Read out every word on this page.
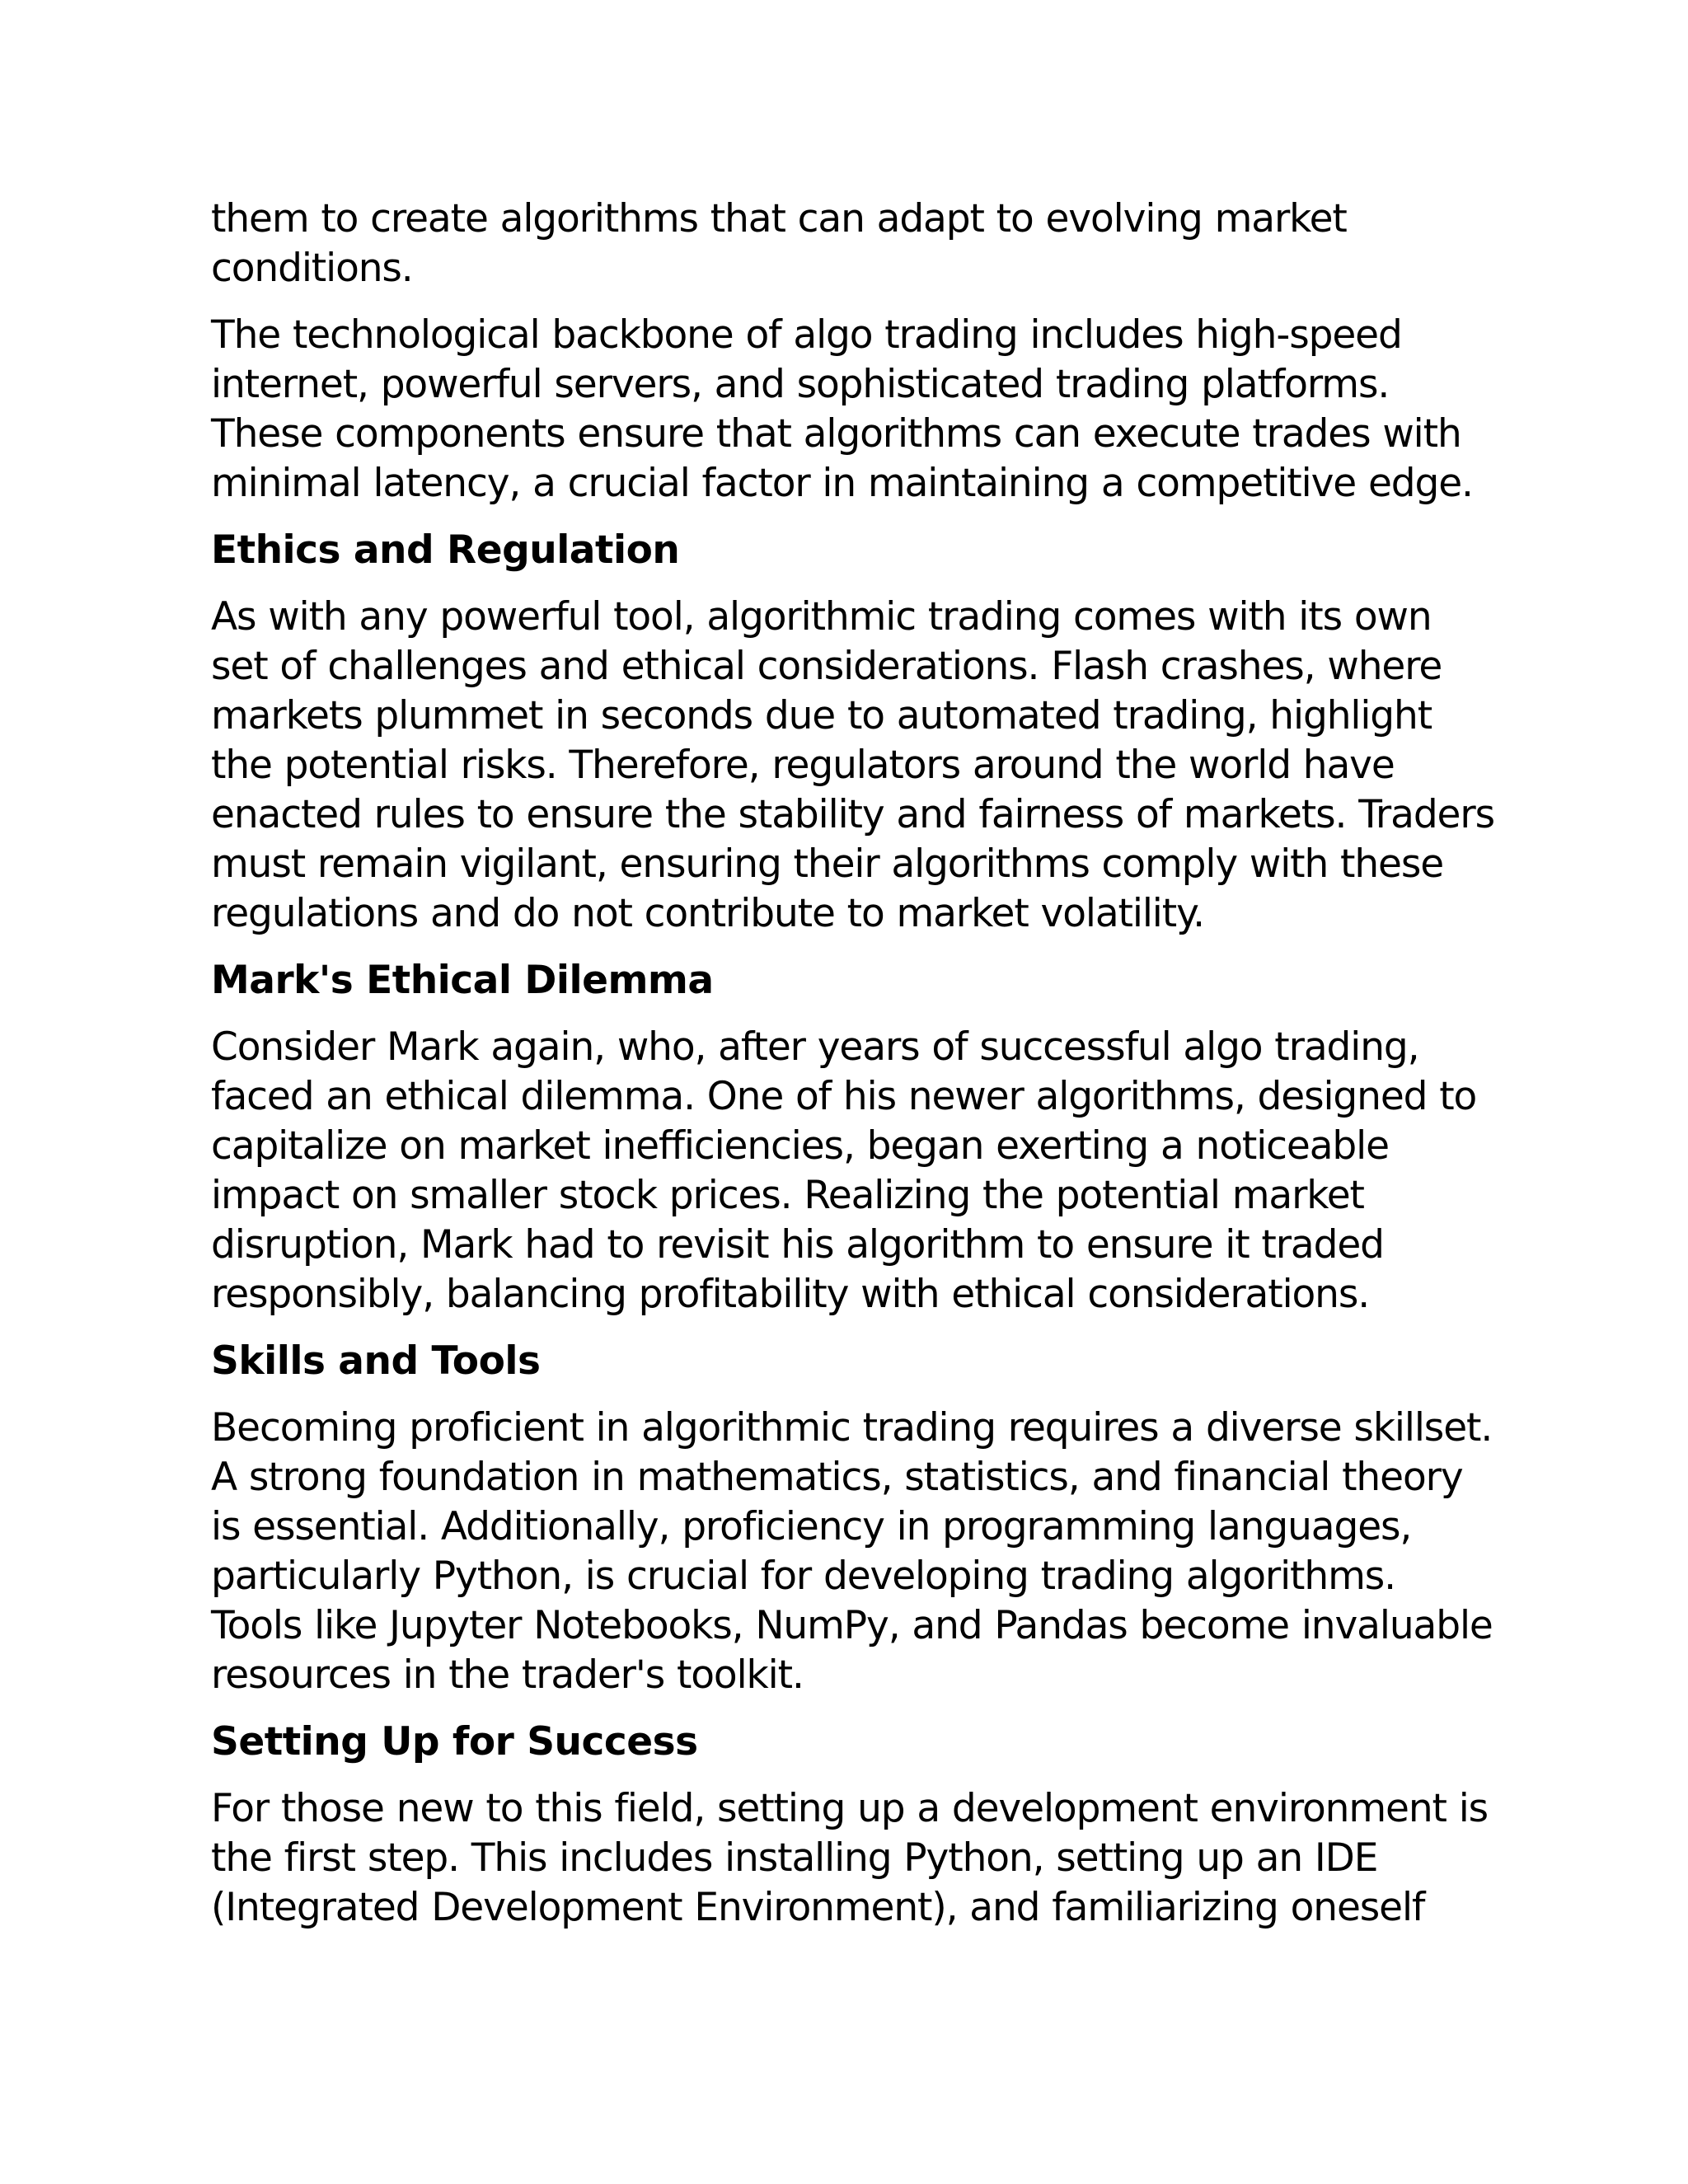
them to create algorithms that can adapt to evolving market conditions.

The technological backbone of algo trading includes high-speed internet, powerful servers, and sophisticated trading platforms. These components ensure that algorithms can execute trades with minimal latency, a crucial factor in maintaining a competitive edge.

Ethics and Regulation

As with any powerful tool, algorithmic trading comes with its own set of challenges and ethical considerations. Flash crashes, where markets plummet in seconds due to automated trading, highlight the potential risks. Therefore, regulators around the world have enacted rules to ensure the stability and fairness of markets. Traders must remain vigilant, ensuring their algorithms comply with these regulations and do not contribute to market volatility.

Mark's Ethical Dilemma

Consider Mark again, who, after years of successful algo trading, faced an ethical dilemma. One of his newer algorithms, designed to capitalize on market inefficiencies, began exerting a noticeable impact on smaller stock prices. Realizing the potential market disruption, Mark had to revisit his algorithm to ensure it traded responsibly, balancing profitability with ethical considerations.

Skills and Tools

Becoming proficient in algorithmic trading requires a diverse skillset. A strong foundation in mathematics, statistics, and financial theory is essential. Additionally, proficiency in programming languages, particularly Python, is crucial for developing trading algorithms. Tools like Jupyter Notebooks, NumPy, and Pandas become invaluable resources in the trader's toolkit.

Setting Up for Success

For those new to this field, setting up a development environment is the first step. This includes installing Python, setting up an IDE (Integrated Development Environment), and familiarizing oneself
